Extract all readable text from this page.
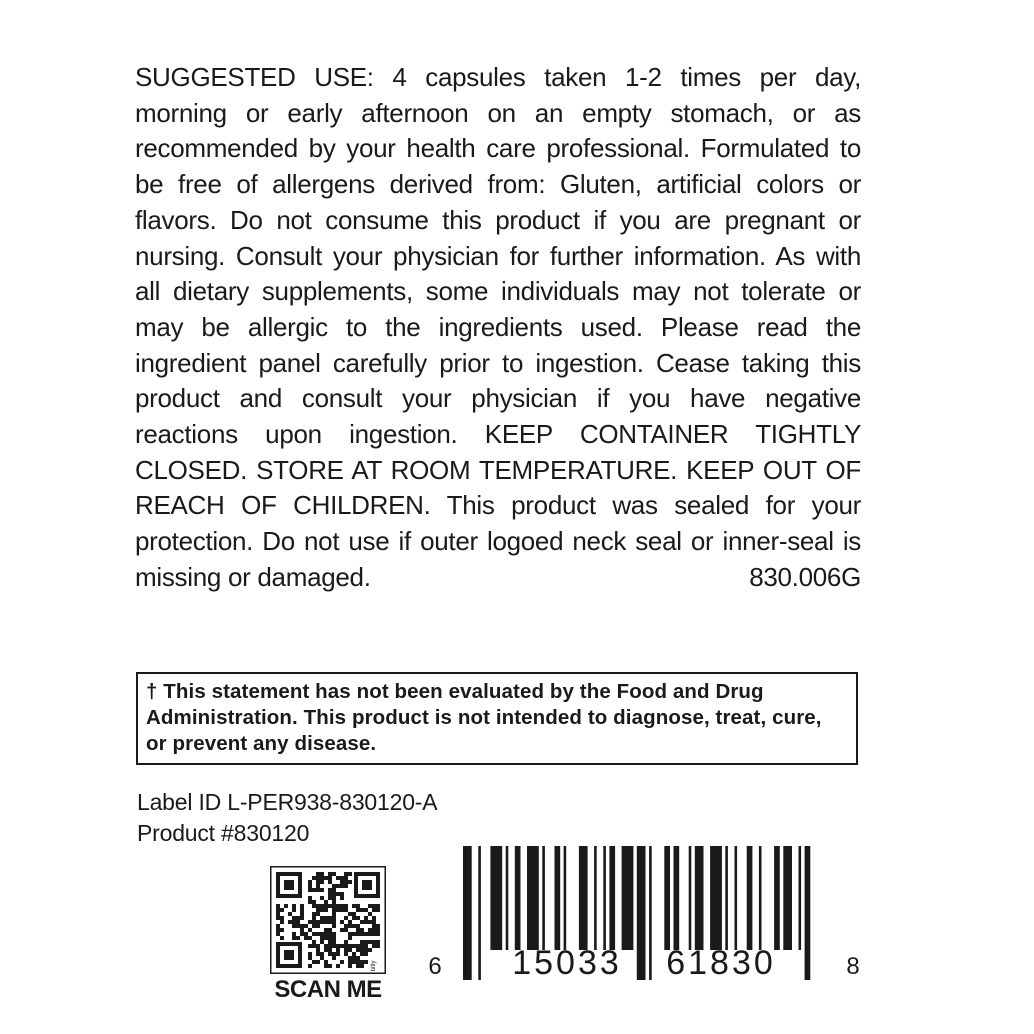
SUGGESTED USE: 4 capsules taken 1-2 times per day, morning or early afternoon on an empty stomach, or as recommended by your health care professional. Formulated to be free of allergens derived from: Gluten, artificial colors or flavors. Do not consume this product if you are pregnant or nursing. Consult your physician for further information. As with all dietary supplements, some individuals may not tolerate or may be allergic to the ingredients used. Please read the ingredient panel carefully prior to ingestion. Cease taking this product and consult your physician if you have negative reactions upon ingestion. KEEP CONTAINER TIGHTLY CLOSED. STORE AT ROOM TEMPERATURE. KEEP OUT OF REACH OF CHILDREN. This product was sealed for your protection. Do not use if outer logoed neck seal or inner-seal is missing or damaged.	830.006G

† This statement has not been evaluated by the Food and Drug Administration. This product is not intended to diagnose, treat, cure, or prevent any disease.
Label ID L-PER938-830120-A
Product #830120
bitly
SCAN ME
6 15033 61830	8
